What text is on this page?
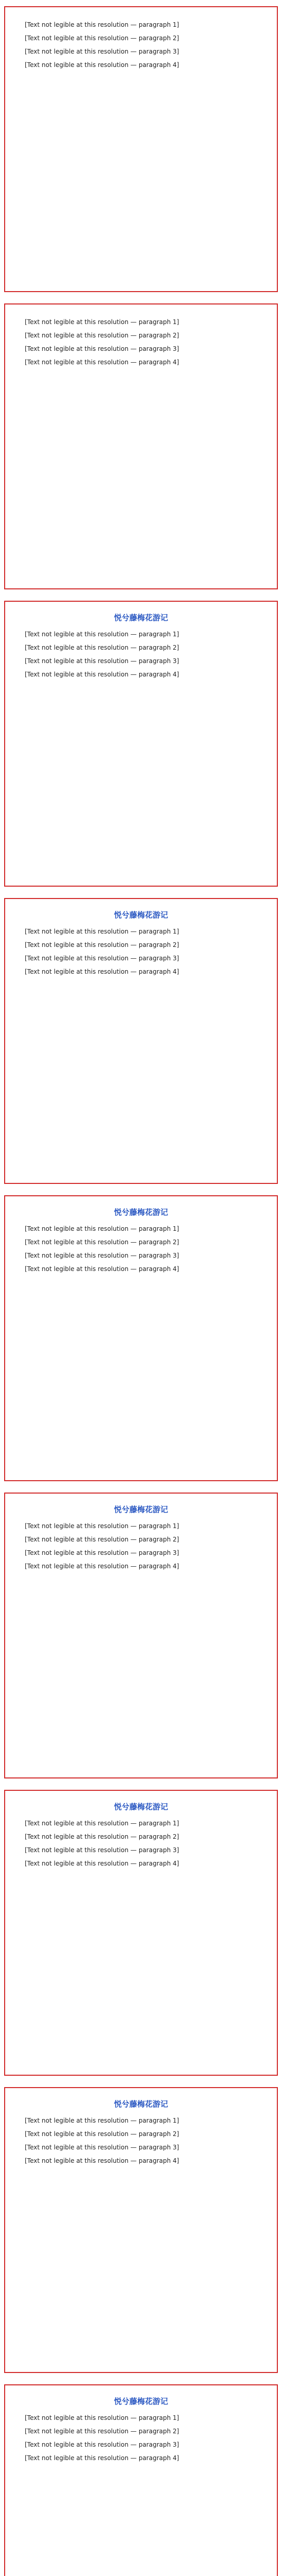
[Text not legible at this resolution — paragraph 1]

[Text not legible at this resolution — paragraph 2]

[Text not legible at this resolution — paragraph 3]

[Text not legible at this resolution — paragraph 4]

[Text not legible at this resolution — paragraph 1]

[Text not legible at this resolution — paragraph 2]

[Text not legible at this resolution — paragraph 3]

[Text not legible at this resolution — paragraph 4]

悦兮藤梅花游记

[Text not legible at this resolution — paragraph 1]

[Text not legible at this resolution — paragraph 2]

[Text not legible at this resolution — paragraph 3]

[Text not legible at this resolution — paragraph 4]

悦兮藤梅花游记

[Text not legible at this resolution — paragraph 1]

[Text not legible at this resolution — paragraph 2]

[Text not legible at this resolution — paragraph 3]

[Text not legible at this resolution — paragraph 4]

悦兮藤梅花游记

[Text not legible at this resolution — paragraph 1]

[Text not legible at this resolution — paragraph 2]

[Text not legible at this resolution — paragraph 3]

[Text not legible at this resolution — paragraph 4]

悦兮藤梅花游记

[Text not legible at this resolution — paragraph 1]

[Text not legible at this resolution — paragraph 2]

[Text not legible at this resolution — paragraph 3]

[Text not legible at this resolution — paragraph 4]

悦兮藤梅花游记

[Text not legible at this resolution — paragraph 1]

[Text not legible at this resolution — paragraph 2]

[Text not legible at this resolution — paragraph 3]

[Text not legible at this resolution — paragraph 4]

悦兮藤梅花游记

[Text not legible at this resolution — paragraph 1]

[Text not legible at this resolution — paragraph 2]

[Text not legible at this resolution — paragraph 3]

[Text not legible at this resolution — paragraph 4]

悦兮藤梅花游记

[Text not legible at this resolution — paragraph 1]

[Text not legible at this resolution — paragraph 2]

[Text not legible at this resolution — paragraph 3]

[Text not legible at this resolution — paragraph 4]
